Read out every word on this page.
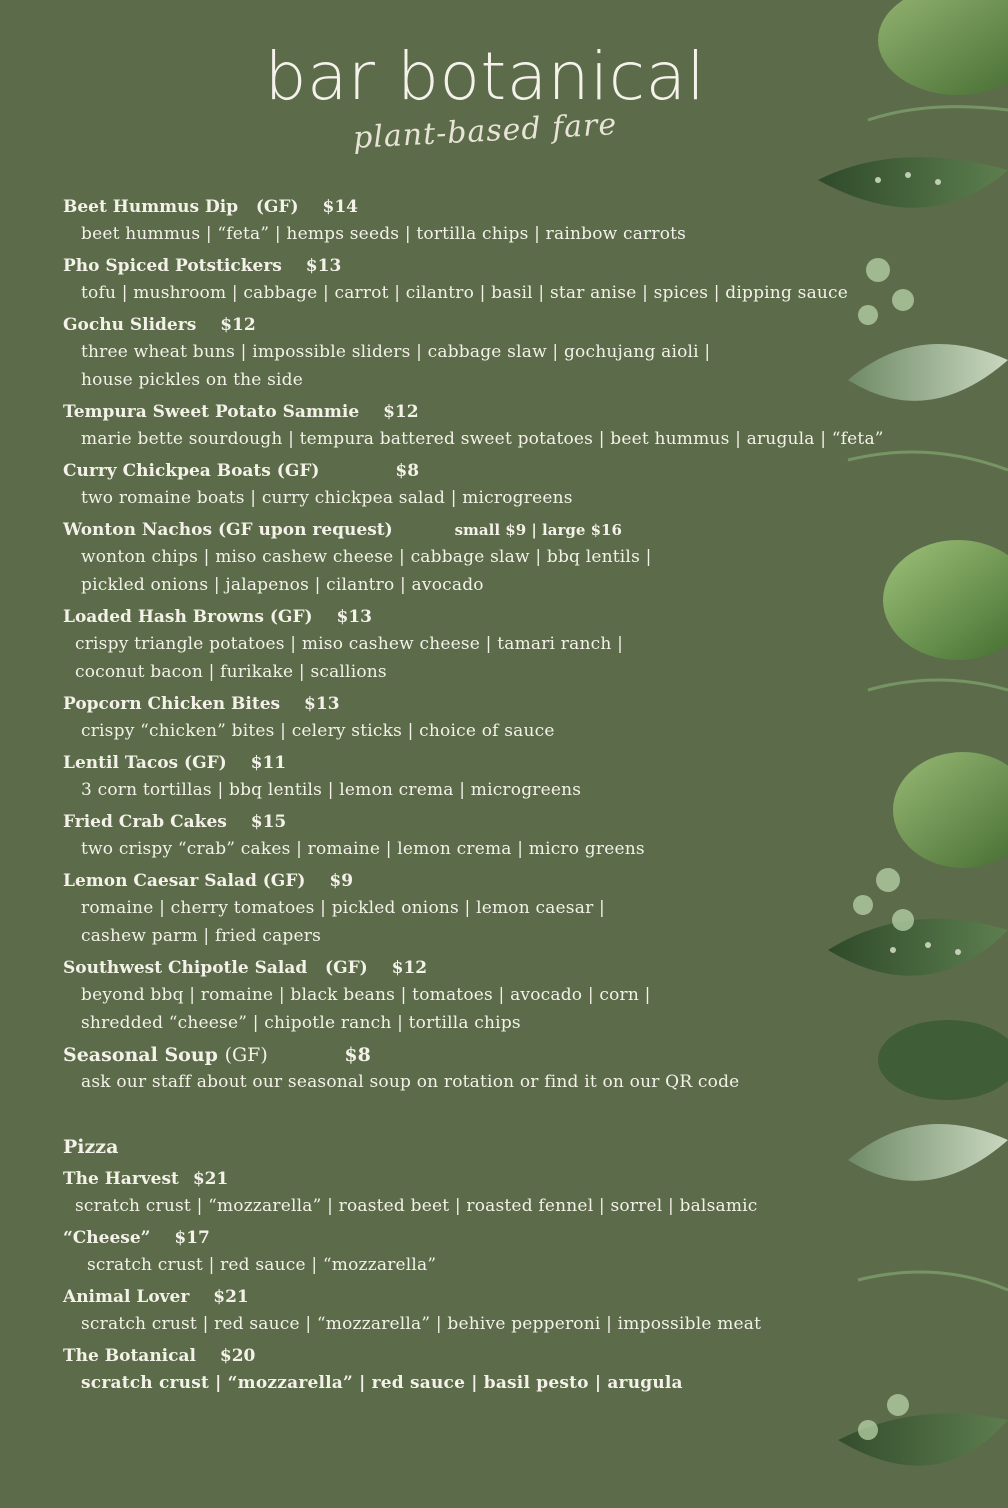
bar botanical
plant-based fare
Beet Hummus Dip (GF) $14
beet hummus | “feta” | hemps seeds | tortilla chips | rainbow carrots
Pho Spiced Potstickers $13
tofu | mushroom | cabbage | carrot | cilantro | basil | star anise | spices | dipping sauce
Gochu Sliders $12
three wheat buns | impossible sliders | cabbage slaw | gochujang aioli |
house pickles on the side
Tempura Sweet Potato Sammie $12
marie bette sourdough | tempura battered sweet potatoes | beet hummus | arugula | “feta”
Curry Chickpea Boats (GF)	$8
two romaine boats | curry chickpea salad | microgreens
Wonton Nachos (GF upon request)	small $9 | large $16
wonton chips | miso cashew cheese | cabbage slaw | bbq lentils |
pickled onions | jalapenos | cilantro | avocado
Loaded Hash Browns (GF) $13
crispy triangle potatoes | miso cashew cheese | tamari ranch |
coconut bacon | furikake | scallions
Popcorn Chicken Bites $13
crispy “chicken” bites | celery sticks | choice of sauce
Lentil Tacos (GF) $11
3 corn tortillas | bbq lentils | lemon crema | microgreens
Fried Crab Cakes $15
two crispy “crab” cakes | romaine | lemon crema | micro greens
Lemon Caesar Salad (GF) $9
romaine | cherry tomatoes | pickled onions | lemon caesar |
cashew parm | fried capers
Southwest Chipotle Salad (GF) $12
beyond bbq | romaine | black beans | tomatoes | avocado | corn |
shredded “cheese” | chipotle ranch | tortilla chips
Seasonal Soup (GF)	$8
ask our staff about our seasonal soup on rotation or find it on our QR code
Pizza
The Harvest $21
scratch crust | “mozzarella” | roasted beet | roasted fennel | sorrel | balsamic
“Cheese” $17
scratch crust | red sauce | “mozzarella”
Animal Lover $21
scratch crust | red sauce | “mozzarella” | behive pepperoni | impossible meat
The Botanical $20
scratch crust | “mozzarella” | red sauce | basil pesto | arugula
